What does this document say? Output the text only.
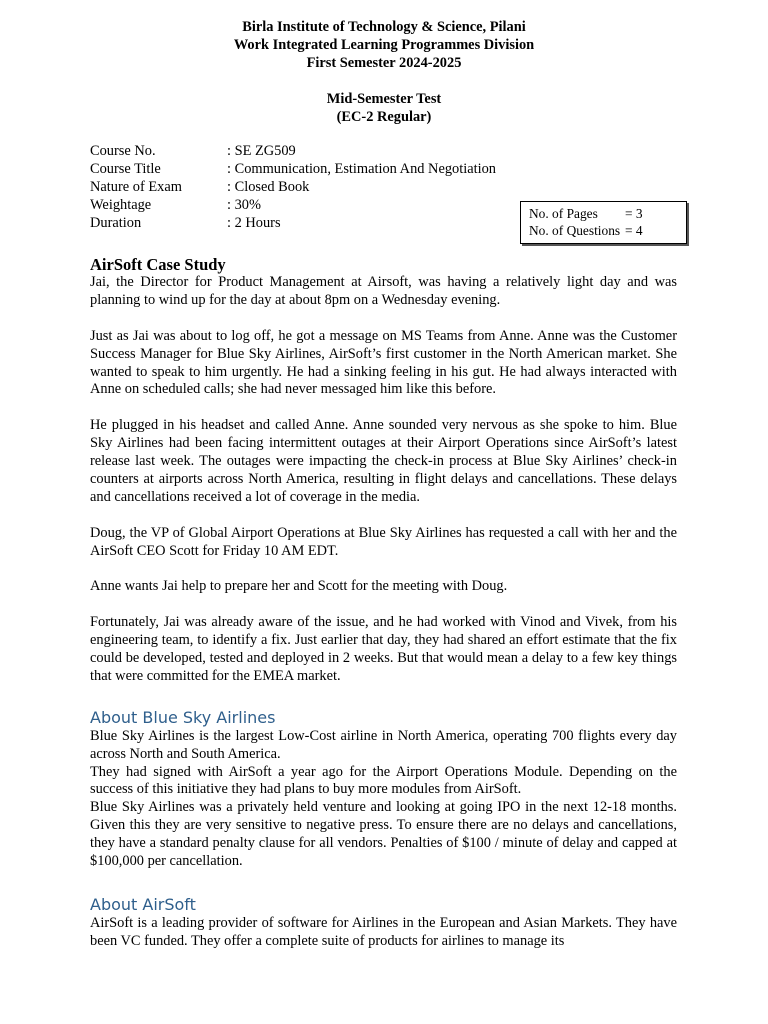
Birla Institute of Technology & Science, Pilani
Work Integrated Learning Programmes Division
First Semester 2024-2025
Mid-Semester Test
(EC-2 Regular)
Course No.	: SE ZG509
Course Title	: Communication, Estimation And Negotiation
Nature of Exam	: Closed Book
Weightage	: 30%
Duration	: 2 Hours
No. of Pages	= 3
No. of Questions = 4
AirSoft Case Study

Jai, the Director for Product Management at Airsoft, was having a relatively light day and was planning to wind up for the day at about 8pm on a Wednesday evening.

Just as Jai was about to log off, he got a message on MS Teams from Anne. Anne was the Customer Success Manager for Blue Sky Airlines, AirSoft’s first customer in the North American market. She wanted to speak to him urgently. He had a sinking feeling in his gut. He had always interacted with Anne on scheduled calls; she had never messaged him like this before.

He plugged in his headset and called Anne. Anne sounded very nervous as she spoke to him. Blue Sky Airlines had been facing intermittent outages at their Airport Operations since AirSoft’s latest release last week. The outages were impacting the check-in process at Blue Sky Airlines’ check-in counters at airports across North America, resulting in flight delays and cancellations. These delays and cancellations received a lot of coverage in the media.

Doug, the VP of Global Airport Operations at Blue Sky Airlines has requested a call with her and the AirSoft CEO Scott for Friday 10 AM EDT.

Anne wants Jai help to prepare her and Scott for the meeting with Doug.

Fortunately, Jai was already aware of the issue, and he had worked with Vinod and Vivek, from his engineering team, to identify a fix. Just earlier that day, they had shared an effort estimate that the fix could be developed, tested and deployed in 2 weeks. But that would mean a delay to a few key things that were committed for the EMEA market.

About Blue Sky Airlines

Blue Sky Airlines is the largest Low-Cost airline in North America, operating 700 flights every day across North and South America.

They had signed with AirSoft a year ago for the Airport Operations Module. Depending on the success of this initiative they had plans to buy more modules from AirSoft.

Blue Sky Airlines was a privately held venture and looking at going IPO in the next 12-18 months. Given this they are very sensitive to negative press. To ensure there are no delays and cancellations, they have a standard penalty clause for all vendors. Penalties of $100 / minute of delay and capped at $100,000 per cancellation.

About AirSoft

AirSoft is a leading provider of software for Airlines in the European and Asian Markets. They have been VC funded. They offer a complete suite of products for airlines to manage its
